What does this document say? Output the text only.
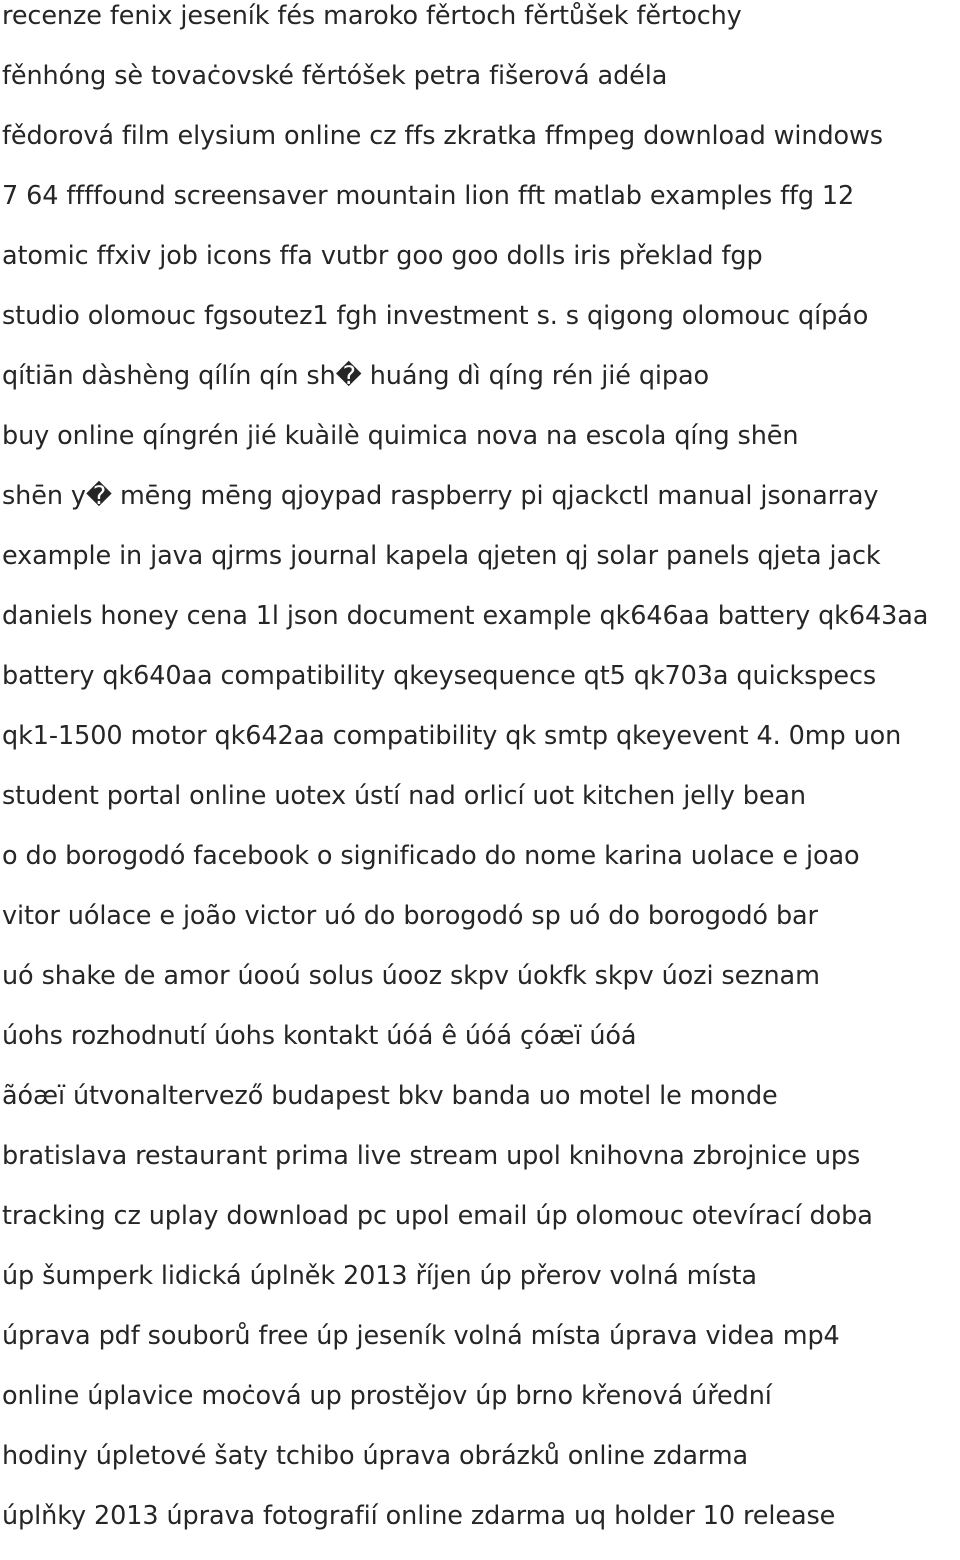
recenze fenix jeseník fés maroko fěrtoch fěrtůšek fěrtochy
fěnhóng sè tovaċovské fěrtóšek petra fišerová adéla
fědorová film elysium online cz ffs zkratka ffmpeg download windows
7 64 ffffound screensaver mountain lion fft matlab examples ffg 12
atomic ffxiv job icons ffa vutbr goo goo dolls iris překlad fgp
studio olomouc fgsoutez1 fgh investment s. s qigong olomouc qípáo
qítiān dàshèng qílín qín sh� huáng dì qíng rén jié qipao
buy online qíngrén jié kuàilè quimica nova na escola qíng shēn
shēn y� mēng mēng qjoypad raspberry pi qjackctl manual jsonarray
example in java qjrms journal kapela qjeten qj solar panels qjeta jack
daniels honey cena 1l json document example qk646aa battery qk643aa
battery qk640aa compatibility qkeysequence qt5 qk703a quickspecs
qk1-1500 motor qk642aa compatibility qk smtp qkeyevent 4. 0mp uon
student portal online uotex ústí nad orlicí uot kitchen jelly bean
o do borogodó facebook o significado do nome karina uolace e joao
vitor uólace e joão victor uó do borogodó sp uó do borogodó bar
uó shake de amor úooú solus úooz skpv úokfk skpv úozi seznam
úohs rozhodnutí úohs kontakt úóá ê úóá çóæï úóá
ãóæï útvonaltervező budapest bkv banda uo motel le monde
bratislava restaurant prima live stream upol knihovna zbrojnice ups
tracking cz uplay download pc upol email úp olomouc otevírací doba
úp šumperk lidická úplněk 2013 říjen úp přerov volná místa
úprava pdf souborů free úp jeseník volná místa úprava videa mp4
online úplavice moċová up prostějov úp brno křenová úřední
hodiny úpletové šaty tchibo úprava obrázků online zdarma
úplňky 2013 úprava fotografií online zdarma uq holder 10 release
